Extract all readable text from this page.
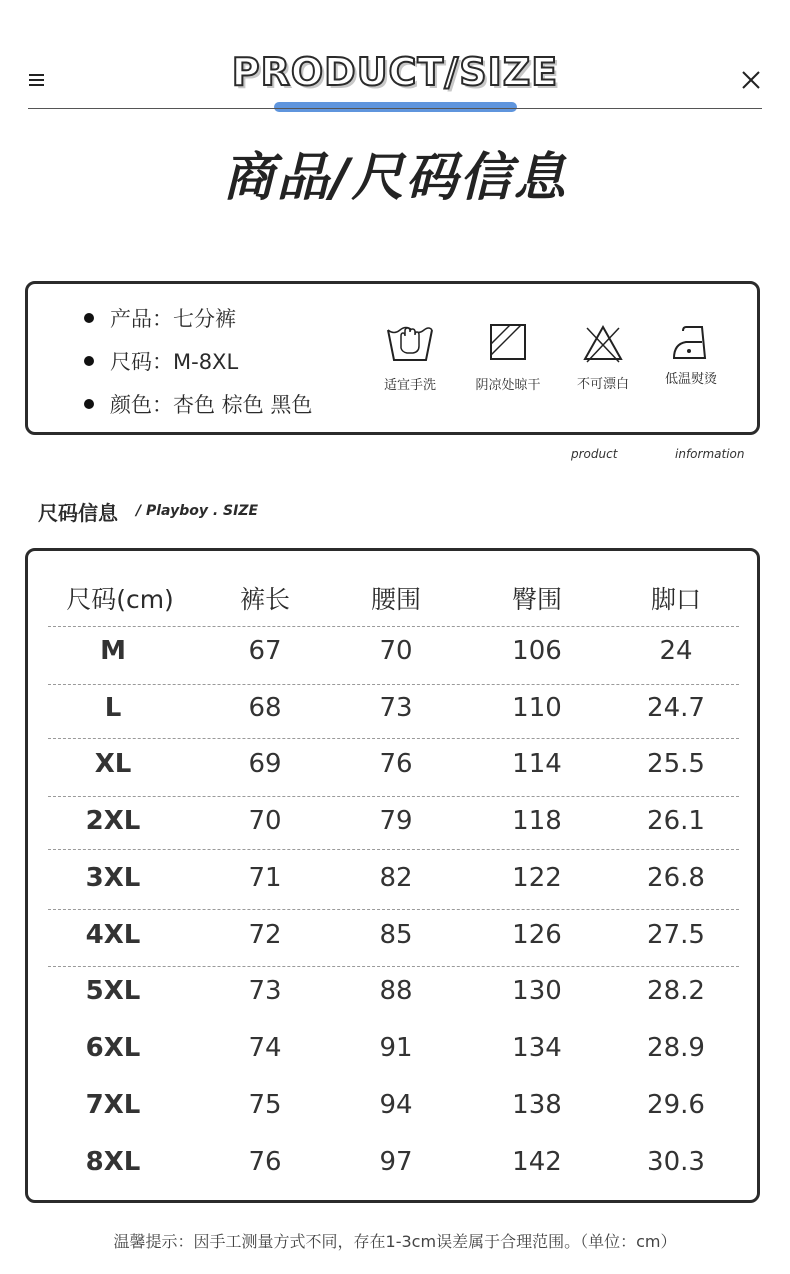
PRODUCT/SIZE
商品/尺码信息
产品：七分裤
尺码：M-8XL
颜色：杏色 棕色 黑色
适宜手洗	阴凉处晾干	不可漂白	低温熨烫
product	information
尺码信息 / Playboy . SIZE
尺码(cm)	裤长	腰围	臀围	脚口
M	67	70	106	24
L	68	73	110	24.7
XL	69	76	114	25.5
2XL	70	79	118	26.1
3XL	71	82	122	26.8
4XL	72	85	126	27.5
5XL	73	88	130	28.2
6XL	74	91	134	28.9
7XL	75	94	138	29.6
8XL	76	97	142	30.3
温馨提示：因手工测量方式不同，存在1-3cm误差属于合理范围。（单位：cm）
